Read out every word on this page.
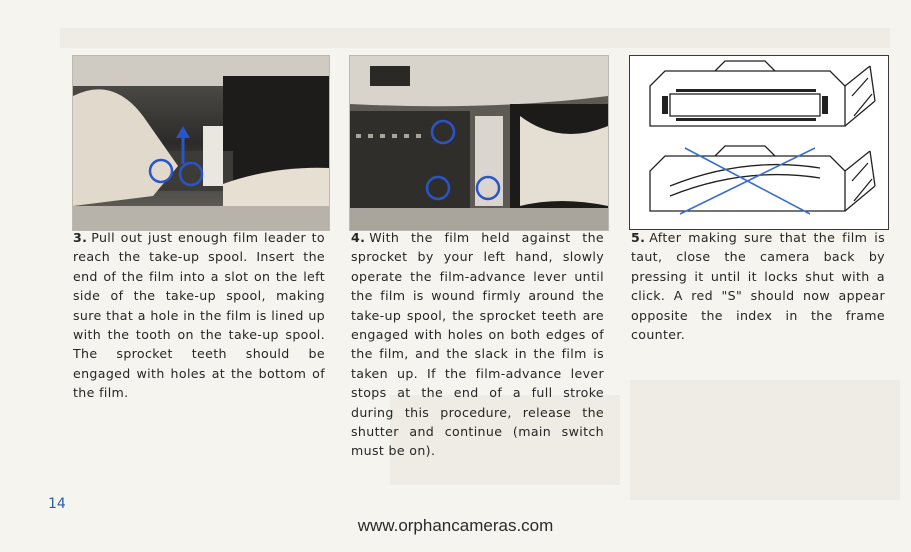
3. Pull out just enough film leader to reach the take-up spool. Insert the end of the film into a slot on the left side of the take-up spool, making sure that a hole in the film is lined up with the tooth on the take-up spool. The sprocket teeth should be engaged with holes at the bottom of the film.
4. With the film held against the sprocket by your left hand, slowly operate the film-advance lever until the film is wound firmly around the take-up spool, the sprocket teeth are engaged with holes on both edges of the film, and the slack in the film is taken up. If the film-advance lever stops at the end of a full stroke during this procedure, release the shutter and continue (main switch must be on).
5. After making sure that the film is taut, close the camera back by pressing it until it locks shut with a click. A red "S" should now appear opposite the index in the frame counter.
14
www.orphancameras.com
